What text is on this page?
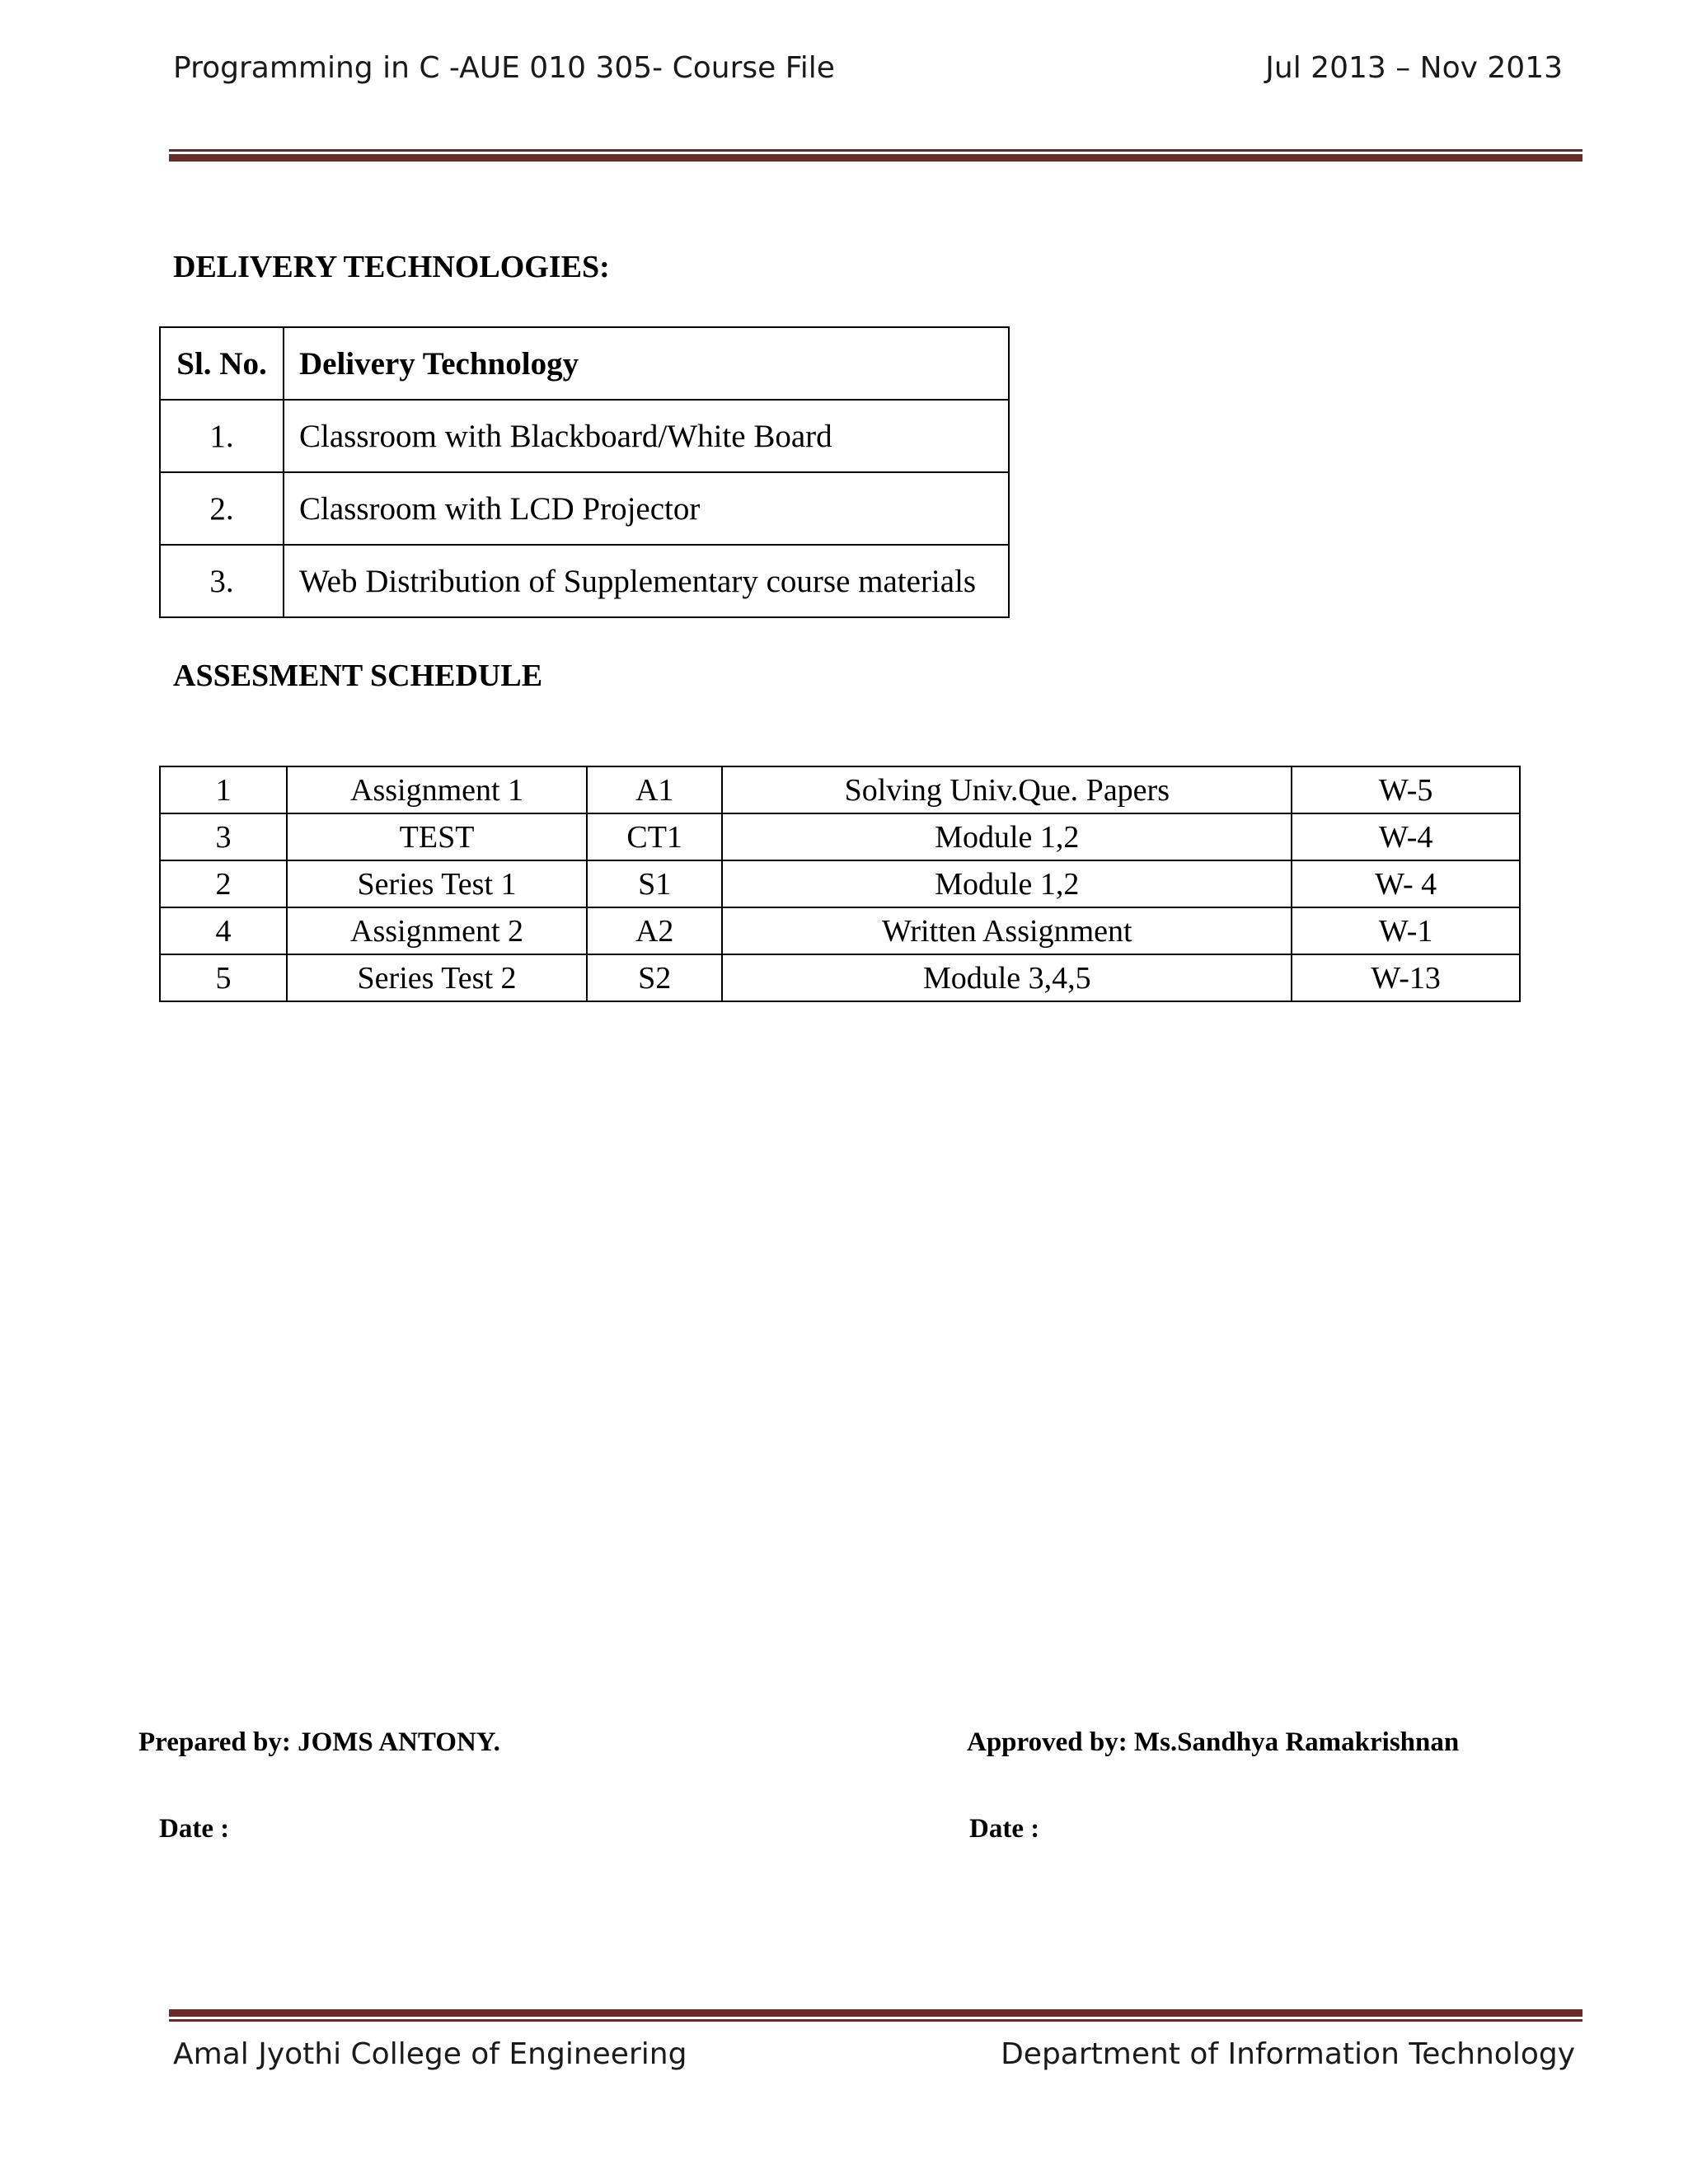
Programming in C -AUE 010 305- Course File	Jul 2013 – Nov 2013
DELIVERY TECHNOLOGIES:
Sl. No.	Delivery Technology
1.	Classroom with Blackboard/White Board
2.	Classroom with LCD Projector
3.	Web Distribution of Supplementary course materials
ASSESMENT SCHEDULE
1	Assignment 1	A1	Solving Univ.Que. Papers	W-5
3	TEST	CT1	Module 1,2	W-4
2	Series Test 1	S1	Module 1,2	W- 4
4	Assignment 2	A2	Written Assignment	W-1
5	Series Test 2	S2	Module 3,4,5	W-13
Prepared by: JOMS ANTONY.	Approved by: Ms.Sandhya Ramakrishnan
Date :	Date :
Amal Jyothi College of Engineering	Department of Information Technology
